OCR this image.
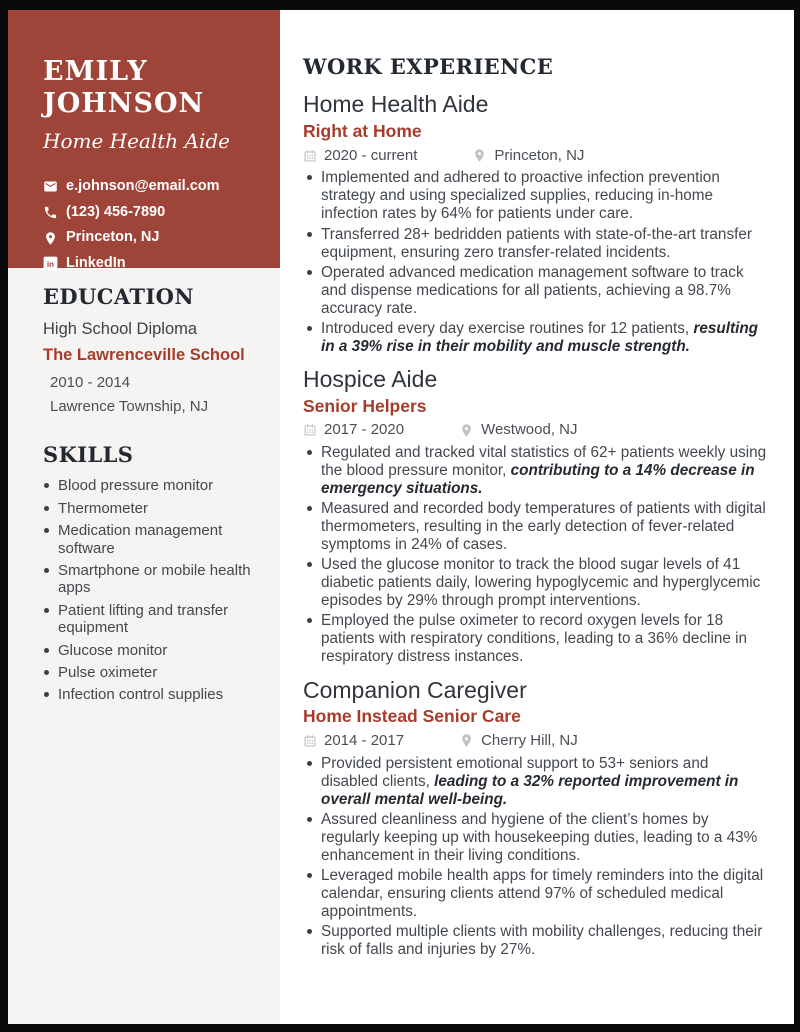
EMILY
JOHNSON
Home Health Aide
e.johnson@email.com
(123) 456-7890
Princeton, NJ
in LinkedIn
EDUCATION
High School Diploma
The Lawrenceville School
2010 - 2014
Lawrence Township, NJ
SKILLS
Blood pressure monitor
Thermometer
Medication management software
Smartphone or mobile health apps
Patient lifting and transfer equipment
Glucose monitor
Pulse oximeter
Infection control supplies
WORK EXPERIENCE
Home Health Aide
Right at Home
2020 - current	Princeton, NJ
Implemented and adhered to proactive infection prevention strategy and using specialized supplies, reducing in-home infection rates by 64% for patients under care.
Transferred 28+ bedridden patients with state-of-the-art transfer equipment, ensuring zero transfer-related incidents.
Operated advanced medication management software to track and dispense medications for all patients, achieving a 98.7% accuracy rate.
Introduced every day exercise routines for 12 patients, resulting in a 39% rise in their mobility and muscle strength.
Hospice Aide
Senior Helpers
2017 - 2020	Westwood, NJ
Regulated and tracked vital statistics of 62+ patients weekly using the blood pressure monitor, contributing to a 14% decrease in emergency situations.
Measured and recorded body temperatures of patients with digital thermometers, resulting in the early detection of fever-related symptoms in 24% of cases.
Used the glucose monitor to track the blood sugar levels of 41 diabetic patients daily, lowering hypoglycemic and hyperglycemic episodes by 29% through prompt interventions.
Employed the pulse oximeter to record oxygen levels for 18 patients with respiratory conditions, leading to a 36% decline in respiratory distress instances.
Companion Caregiver
Home Instead Senior Care
2014 - 2017	Cherry Hill, NJ
Provided persistent emotional support to 53+ seniors and disabled clients, leading to a 32% reported improvement in overall mental well-being.
Assured cleanliness and hygiene of the client’s homes by regularly keeping up with housekeeping duties, leading to a 43% enhancement in their living conditions.
Leveraged mobile health apps for timely reminders into the digital calendar, ensuring clients attend 97% of scheduled medical appointments.
Supported multiple clients with mobility challenges, reducing their risk of falls and injuries by 27%.
